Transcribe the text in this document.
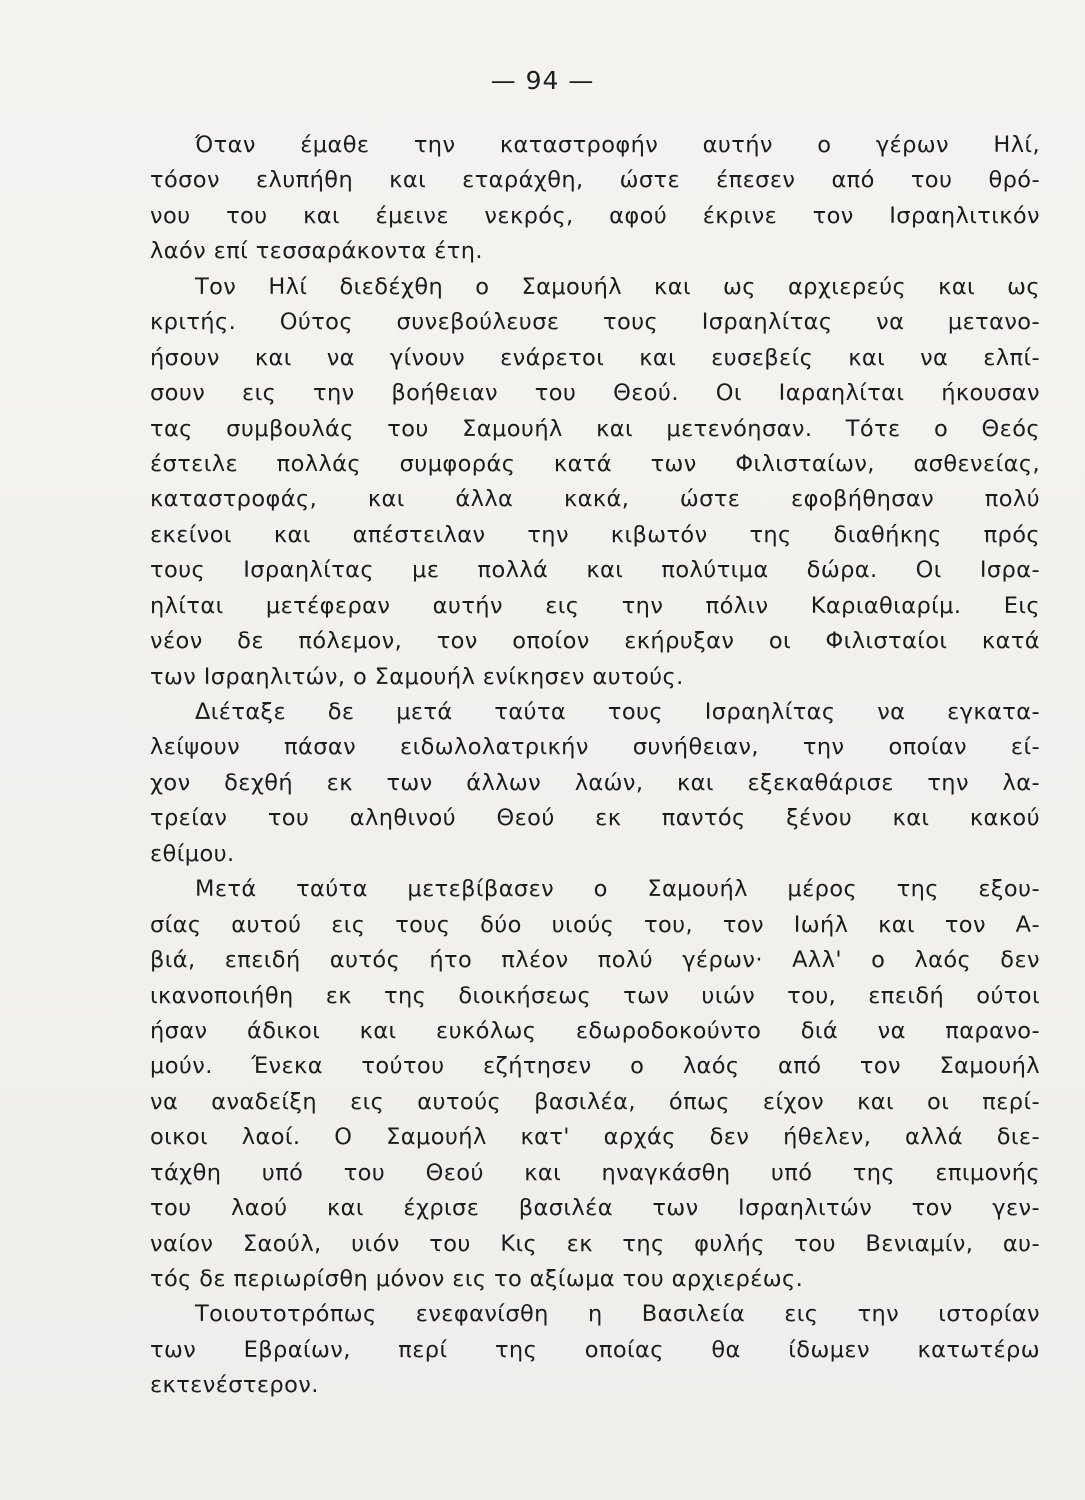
— 94 —
Όταν έμαθε την καταστροφήν αυτήν ο γέρων Ηλί,
τόσον ελυπήθη και εταράχθη, ώστε έπεσεν από του θρό-
νου του και έμεινε νεκρός, αφού έκρινε τον Ισραηλιτικόν
λαόν επί τεσσαράκοντα έτη.
Τον Ηλί διεδέχθη ο Σαμουήλ και ως αρχιερεύς και ως
κριτής. Ούτος συνεβούλευσε τους Ισραηλίτας να μετανο-
ήσουν και να γίνουν ενάρετοι και ευσεβείς και να ελπί-
σουν εις την βοήθειαν του Θεού. Οι Ιαραηλίται ήκουσαν
τας συμβουλάς του Σαμουήλ και μετενόησαν. Τότε ο Θεός
έστειλε πολλάς συμφοράς κατά των Φιλισταίων, ασθενείας,
καταστροφάς, και άλλα κακά, ώστε εφοβήθησαν πολύ
εκείνοι και απέστειλαν την κιβωτόν της διαθήκης πρός
τους Ισραηλίτας με πολλά και πολύτιμα δώρα. Οι Ισρα-
ηλίται μετέφεραν αυτήν εις την πόλιν Καριαθιαρίμ. Εις
νέον δε πόλεμον, τον οποίον εκήρυξαν οι Φιλισταίοι κατά
των Ισραηλιτών, ο Σαμουήλ ενίκησεν αυτούς.
Διέταξε δε μετά ταύτα τους Ισραηλίτας να εγκατα-
λείψουν πάσαν ειδωλολατρικήν συνήθειαν, την οποίαν εί-
χον δεχθή εκ των άλλων λαών, και εξεκαθάρισε την λα-
τρείαν του αληθινού Θεού εκ παντός ξένου και κακού
εθίμου.
Μετά ταύτα μετεβίβασεν ο Σαμουήλ μέρος της εξου-
σίας αυτού εις τους δύο υιούς του, τον Ιωήλ και τον Α-
βιά, επειδή αυτός ήτο πλέον πολύ γέρων· Αλλ' ο λαός δεν
ικανοποιήθη εκ της διοικήσεως των υιών του, επειδή ούτοι
ήσαν άδικοι και ευκόλως εδωροδοκούντο διά να παρανο-
μούν. Ένεκα τούτου εζήτησεν ο λαός από τον Σαμουήλ
να αναδείξη εις αυτούς βασιλέα, όπως είχον και οι περί-
οικοι λαοί. Ο Σαμουήλ κατ' αρχάς δεν ήθελεν, αλλά διε-
τάχθη υπό του Θεού και ηναγκάσθη υπό της επιμονής
του λαού και έχρισε βασιλέα των Ισραηλιτών τον γεν-
ναίον Σαούλ, υιόν του Κις εκ της φυλής του Βενιαμίν, αυ-
τός δε περιωρίσθη μόνον εις το αξίωμα του αρχιερέως.
Τοιουτοτρόπως ενεφανίσθη η Βασιλεία εις την ιστορίαν
των Εβραίων, περί της οποίας θα ίδωμεν κατωτέρω
εκτενέστερον.
